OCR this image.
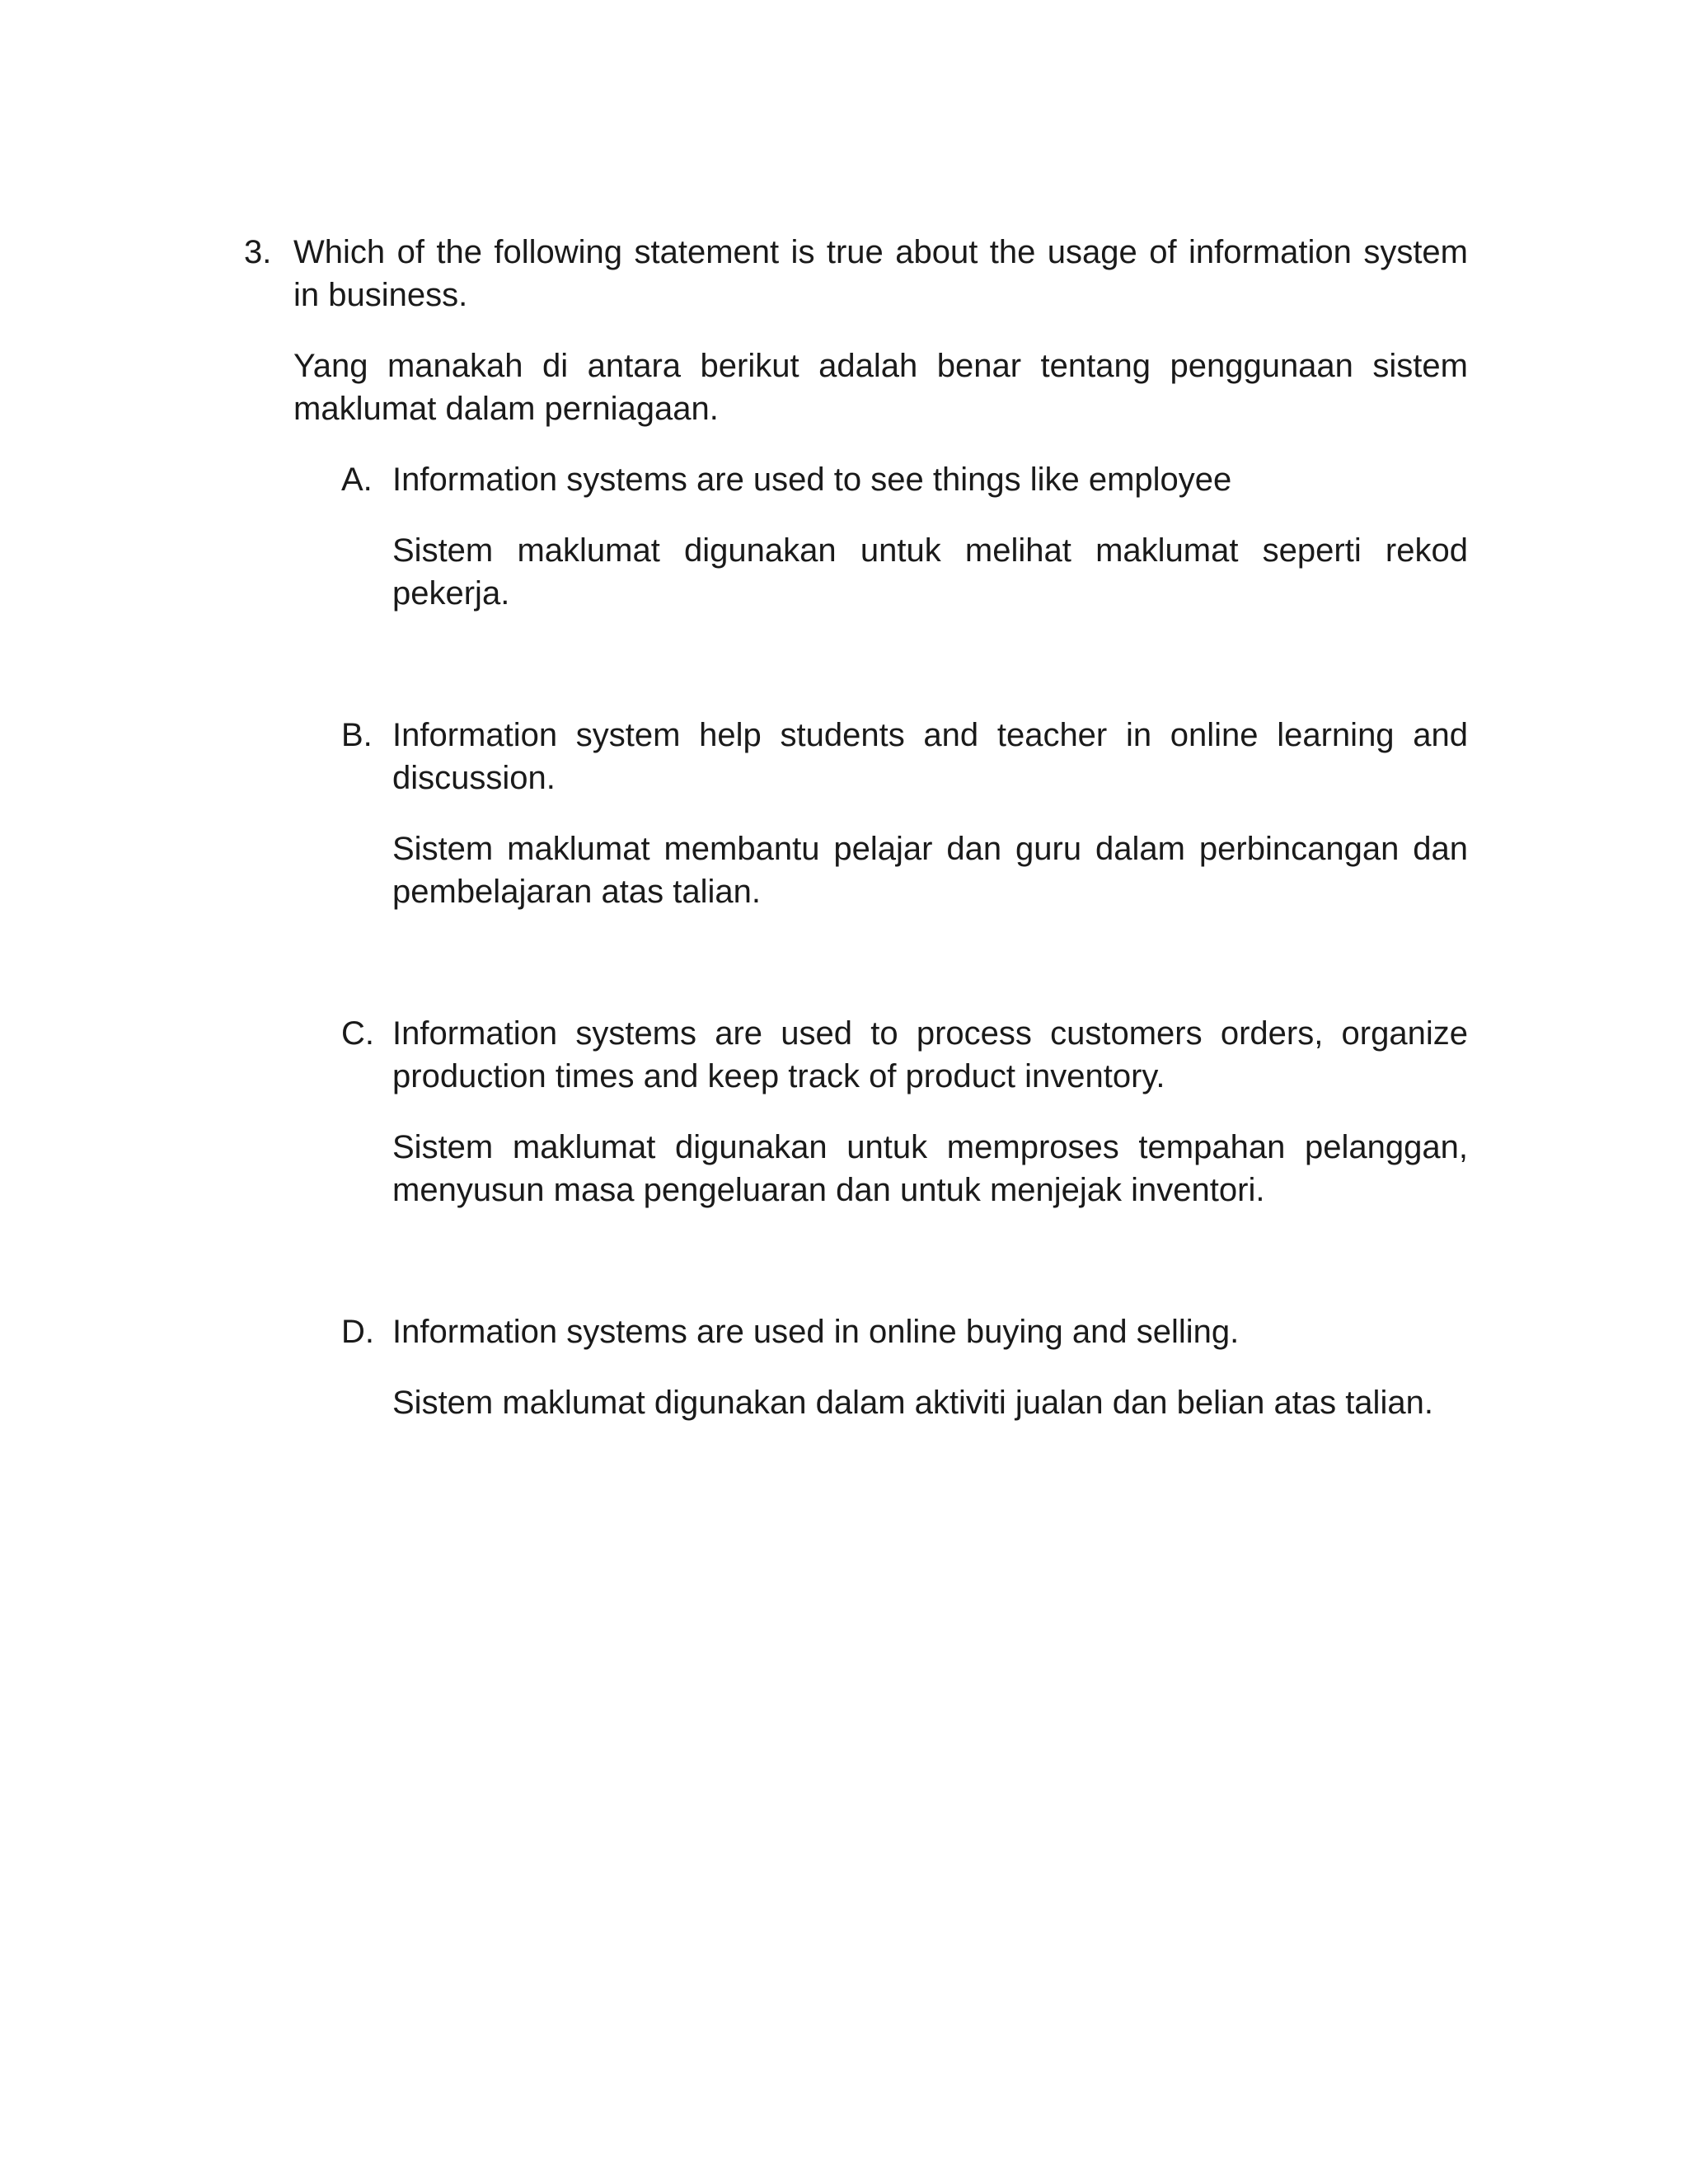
3. Which of the following statement is true about the usage of information system in business.

Yang manakah di antara berikut adalah benar tentang penggunaan sistem maklumat dalam perniagaan.

A. Information systems are used to see things like employee

Sistem maklumat digunakan untuk melihat maklumat seperti rekod pekerja.

B. Information system help students and teacher in online learning and discussion.

Sistem maklumat membantu pelajar dan guru dalam perbincangan dan pembelajaran atas talian.

C. Information systems are used to process customers orders, organize production times and keep track of product inventory.

Sistem maklumat digunakan untuk memproses tempahan pelanggan, menyusun masa pengeluaran dan untuk menjejak inventori.

D. Information systems are used in online buying and selling.

Sistem maklumat digunakan dalam aktiviti jualan dan belian atas talian.
